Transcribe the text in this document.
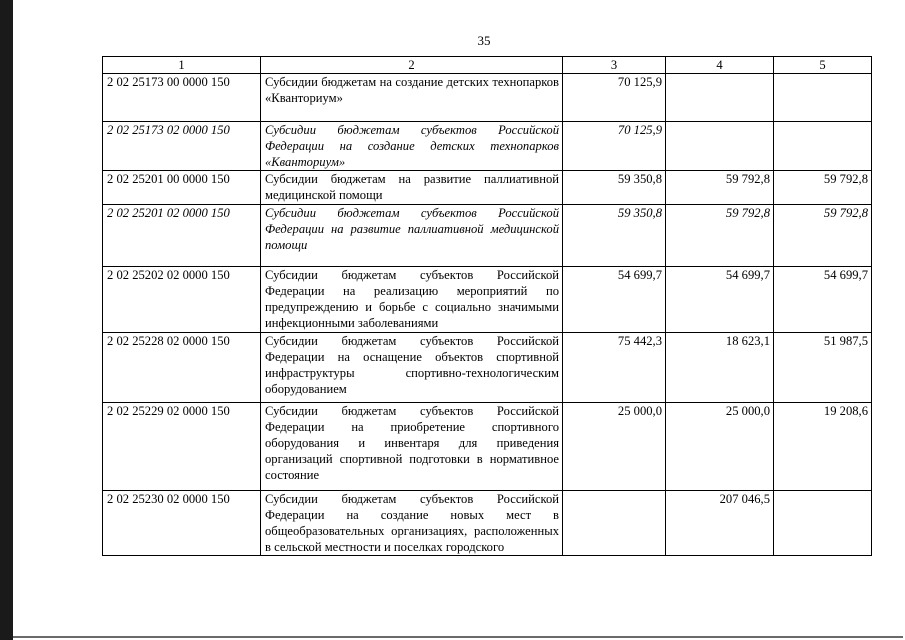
35
1	2	3	4	5
2 02 25173 00 0000 150	Субсидии бюджетам на создание детских технопарков «Кванториум»	70 125,9		
2 02 25173 02 0000 150	Субсидии бюджетам субъектов Российской Федерации на создание детских технопарков «Кванториум»	70 125,9		
2 02 25201 00 0000 150	Субсидии бюджетам на развитие паллиативной медицинской помощи	59 350,8	59 792,8	59 792,8
2 02 25201 02 0000 150	Субсидии бюджетам субъектов Российской Федерации на развитие паллиативной медицинской помощи	59 350,8	59 792,8	59 792,8
2 02 25202 02 0000 150	Субсидии бюджетам субъектов Российской Федерации на реализацию мероприятий по предупреждению и борьбе с социально значимыми инфекционными заболеваниями	54 699,7	54 699,7	54 699,7
2 02 25228 02 0000 150	Субсидии бюджетам субъектов Российской Федерации на оснащение объектов спортивной инфраструктуры спортивно-технологическим оборудованием	75 442,3	18 623,1	51 987,5
2 02 25229 02 0000 150	Субсидии бюджетам субъектов Российской Федерации на приобретение спортивного оборудования и инвентаря для приведения организаций спортивной подготовки в нормативное состояние	25 000,0	25 000,0	19 208,6
2 02 25230 02 0000 150	Субсидии бюджетам субъектов Российской Федерации на создание новых мест в общеобразовательных организациях, расположенных в сельской местности и поселках городского		207 046,5	
